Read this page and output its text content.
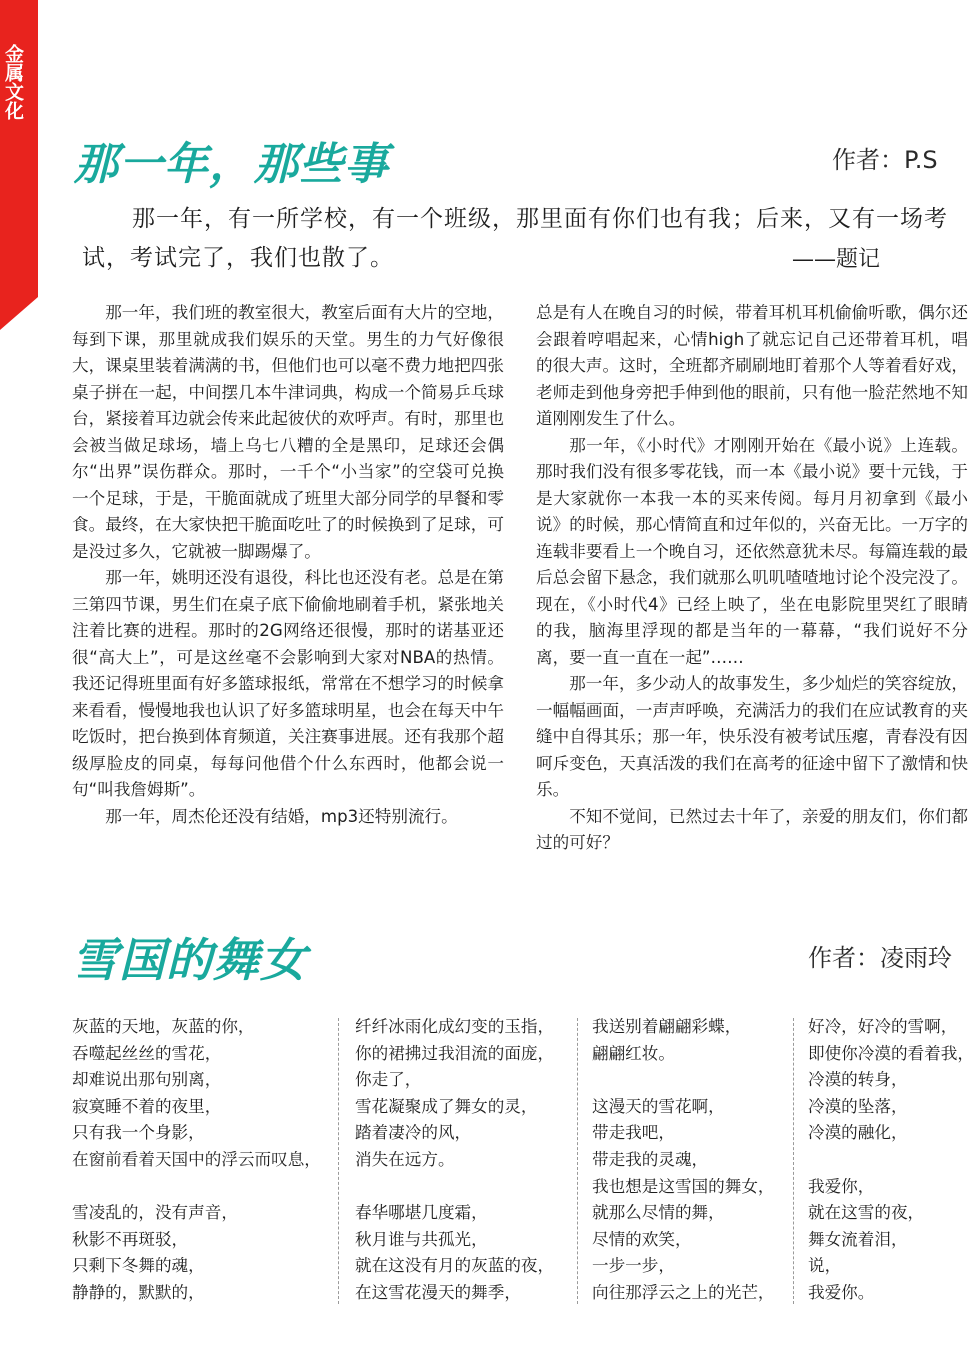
金属文化
那一年，那些事	作者：P.S

那一年，有一所学校，有一个班级，那里面有你们也有我；后来，又有一场考试，考试完了，我们也散了。	——题记

那一年，我们班的教室很大，教室后面有大片的空地，每到下课，那里就成我们娱乐的天堂。男生的力气好像很大，课桌里装着满满的书，但他们也可以毫不费力地把四张桌子拼在一起，中间摆几本牛津词典，构成一个简易乒乓球台，紧接着耳边就会传来此起彼伏的欢呼声。有时，那里也会被当做足球场，墙上乌七八糟的全是黑印，足球还会偶尔“出界”误伤群众。那时，一千个“小当家”的空袋可兑换一个足球，于是，干脆面就成了班里大部分同学的早餐和零食。最终，在大家快把干脆面吃吐了的时候换到了足球，可是没过多久，它就被一脚踢爆了。

那一年，姚明还没有退役，科比也还没有老。总是在第三第四节课，男生们在桌子底下偷偷地刷着手机，紧张地关注着比赛的进程。那时的2G网络还很慢，那时的诺基亚还很“高大上”，可是这丝毫不会影响到大家对NBA的热情。我还记得班里面有好多篮球报纸，常常在不想学习的时候拿来看看，慢慢地我也认识了好多篮球明星，也会在每天中午吃饭时，把台换到体育频道，关注赛事进展。还有我那个超级厚脸皮的同桌，每每问他借个什么东西时，他都会说一句“叫我詹姆斯”。

那一年，周杰伦还没有结婚，mp3还特别流行。

总是有人在晚自习的时候，带着耳机耳机偷偷听歌，偶尔还会跟着哼唱起来，心情high了就忘记自己还带着耳机，唱的很大声。这时，全班都齐刷刷地盯着那个人等着看好戏，老师走到他身旁把手伸到他的眼前，只有他一脸茫然地不知道刚刚发生了什么。

那一年，《小时代》才刚刚开始在《最小说》上连载。那时我们没有很多零花钱，而一本《最小说》要十元钱，于是大家就你一本我一本的买来传阅。每月月初拿到《最小说》的时候，那心情简直和过年似的，兴奋无比。一万字的连载非要看上一个晚自习，还依然意犹未尽。每篇连载的最后总会留下悬念，我们就那么叽叽喳喳地讨论个没完没了。现在，《小时代4》已经上映了，坐在电影院里哭红了眼睛的我，脑海里浮现的都是当年的一幕幕，“我们说好不分离，要一直一直在一起”……

那一年，多少动人的故事发生，多少灿烂的笑容绽放，一幅幅画面，一声声呼唤，充满活力的我们在应试教育的夹缝中自得其乐；那一年，快乐没有被考试压瘪，青春没有因呵斥变色，天真活泼的我们在高考的征途中留下了激情和快乐。

不知不觉间，已然过去十年了，亲爱的朋友们，你们都过的可好？

雪国的舞女	作者：凌雨玲
灰蓝的天地，灰蓝的你，
吞噬起丝丝的雪花，
却难说出那句别离，
寂寞睡不着的夜里，
只有我一个身影，
在窗前看着天国中的浮云而叹息，
雪凌乱的，没有声音，
秋影不再斑驳，
只剩下冬舞的魂，
静静的，默默的，
纤纤冰雨化成幻变的玉指，
你的裙拂过我泪流的面庞，
你走了，
雪花凝聚成了舞女的灵，
踏着凄冷的风，
消失在远方。
春华哪堪几度霜，
秋月谁与共孤光，
就在这没有月的灰蓝的夜，
在这雪花漫天的舞季，
我送别着翩翩彩蝶，
翩翩红妆。
这漫天的雪花啊，
带走我吧，
带走我的灵魂，
我也想是这雪国的舞女，
就那么尽情的舞，
尽情的欢笑，
一步一步，
向往那浮云之上的光芒，
好冷，好冷的雪啊，
即使你冷漠的看着我，
冷漠的转身，
冷漠的坠落，
冷漠的融化，
我爱你，
就在这雪的夜，
舞女流着泪，
说，
我爱你。
